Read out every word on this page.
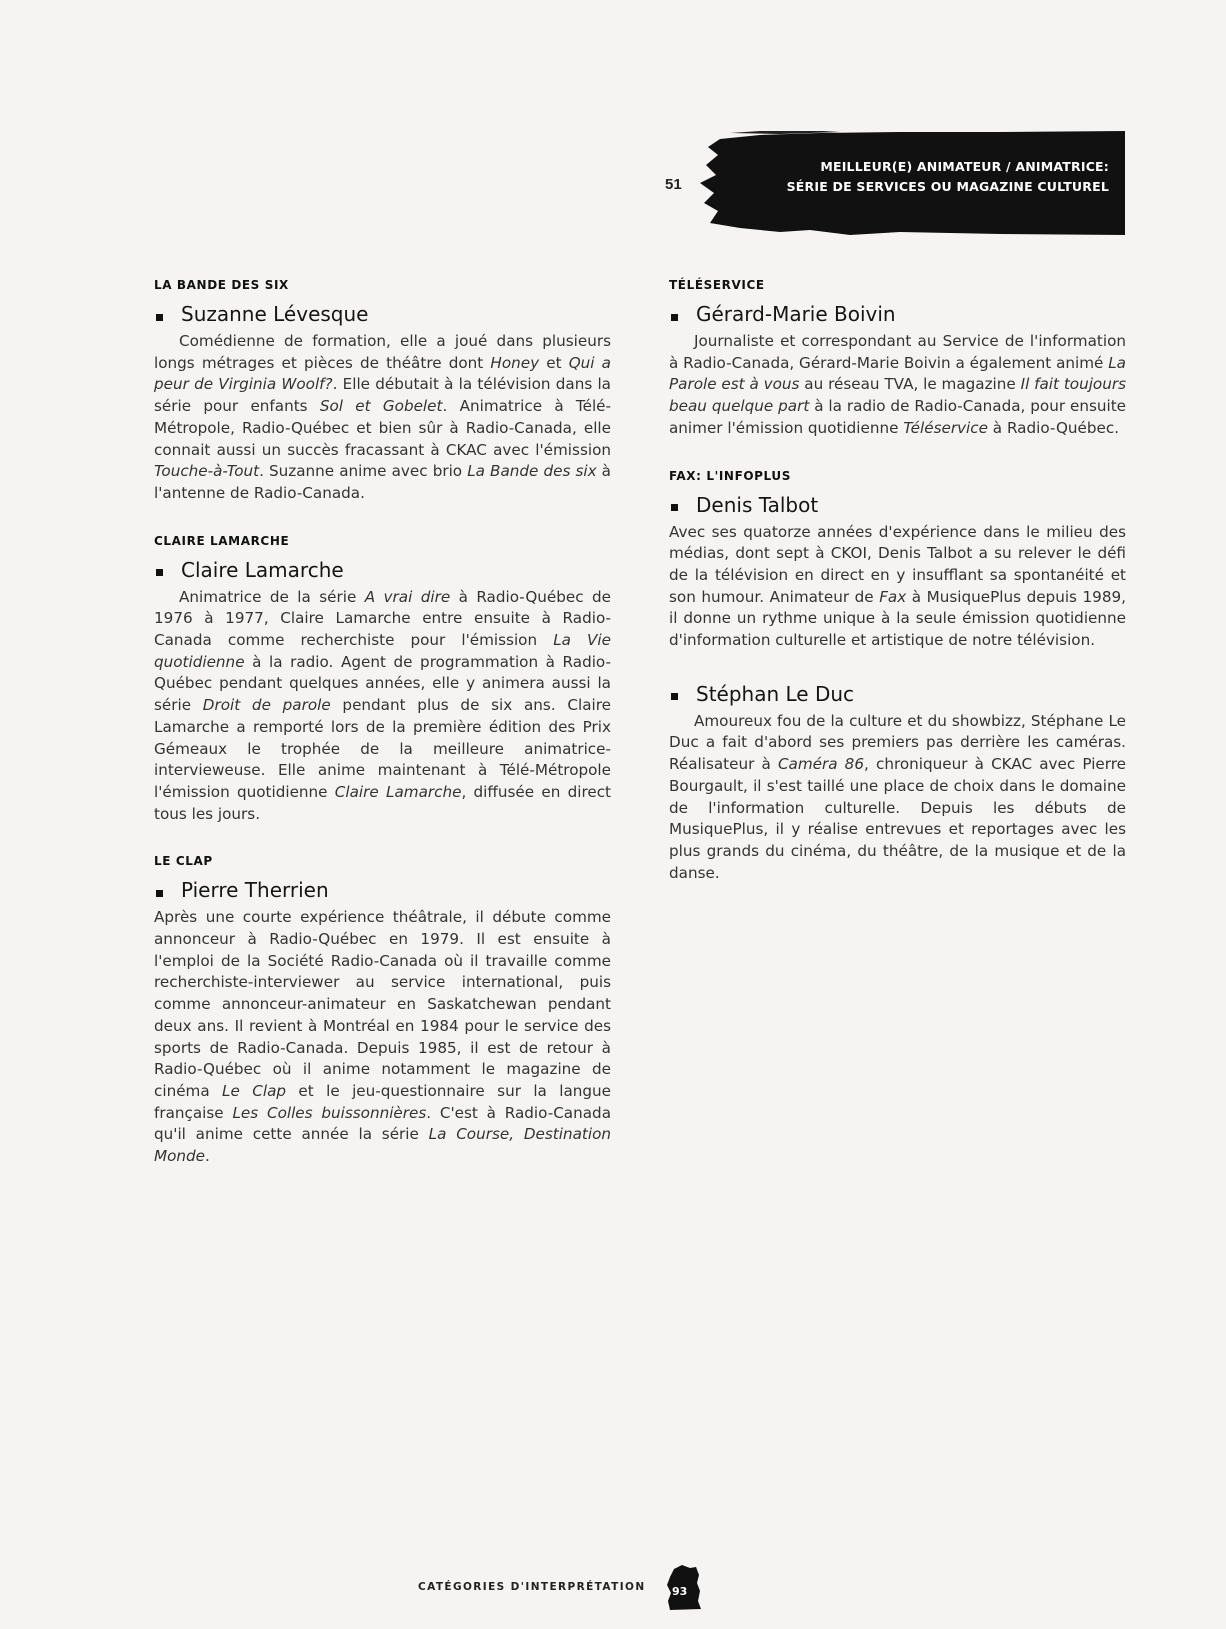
51
MEILLEUR(E) ANIMATEUR / ANIMATRICE:
SÉRIE DE SERVICES OU MAGAZINE CULTUREL
LA BANDE DES SIX
Suzanne Lévesque

Comédienne de formation, elle a joué dans plusieurs longs métrages et pièces de théâtre dont Honey et Qui a peur de Virginia Woolf?. Elle débutait à la télévision dans la série pour enfants Sol et Gobelet. Animatrice à Télé-Métropole, Radio-Québec et bien sûr à Radio-Canada, elle connait aussi un succès fracassant à CKAC avec l'émission Touche-à-Tout. Suzanne anime avec brio La Bande des six à l'antenne de Radio-Canada.

CLAIRE LAMARCHE
Claire Lamarche

Animatrice de la série A vrai dire à Radio-Québec de 1976 à 1977, Claire Lamarche entre ensuite à Radio-Canada comme recherchiste pour l'émission La Vie quotidienne à la radio. Agent de programmation à Radio-Québec pendant quelques années, elle y animera aussi la série Droit de parole pendant plus de six ans. Claire Lamarche a remporté lors de la première édition des Prix Gémeaux le trophée de la meilleure animatrice-intervieweuse. Elle anime maintenant à Télé-Métropole l'émission quotidienne Claire Lamarche, diffusée en direct tous les jours.

LE CLAP
Pierre Therrien

Après une courte expérience théâtrale, il débute comme annonceur à Radio-Québec en 1979. Il est ensuite à l'emploi de la Société Radio-Canada où il travaille comme recherchiste-interviewer au service international, puis comme annonceur-animateur en Saskatchewan pendant deux ans. Il revient à Montréal en 1984 pour le service des sports de Radio-Canada. Depuis 1985, il est de retour à Radio-Québec où il anime notamment le magazine de cinéma Le Clap et le jeu-questionnaire sur la langue française Les Colles buissonnières. C'est à Radio-Canada qu'il anime cette année la série La Course, Destination Monde.

TÉLÉSERVICE
Gérard-Marie Boivin

Journaliste et correspondant au Service de l'information à Radio-Canada, Gérard-Marie Boivin a également animé La Parole est à vous au réseau TVA, le magazine Il fait toujours beau quelque part à la radio de Radio-Canada, pour ensuite animer l'émission quotidienne Téléservice à Radio-Québec.

FAX: L'INFOPLUS
Denis Talbot

Avec ses quatorze années d'expérience dans le milieu des médias, dont sept à CKOI, Denis Talbot a su relever le défi de la télévision en direct en y insufflant sa spontanéité et son humour. Animateur de Fax à MusiquePlus depuis 1989, il donne un rythme unique à la seule émission quotidienne d'information culturelle et artistique de notre télévision.

Stéphan Le Duc

Amoureux fou de la culture et du showbizz, Stéphane Le Duc a fait d'abord ses premiers pas derrière les caméras. Réalisateur à Caméra 86, chroniqueur à CKAC avec Pierre Bourgault, il s'est taillé une place de choix dans le domaine de l'information culturelle. Depuis les débuts de MusiquePlus, il y réalise entrevues et reportages avec les plus grands du cinéma, du théâtre, de la musique et de la danse.

CATÉGORIES D'INTERPRÉTATION 93
